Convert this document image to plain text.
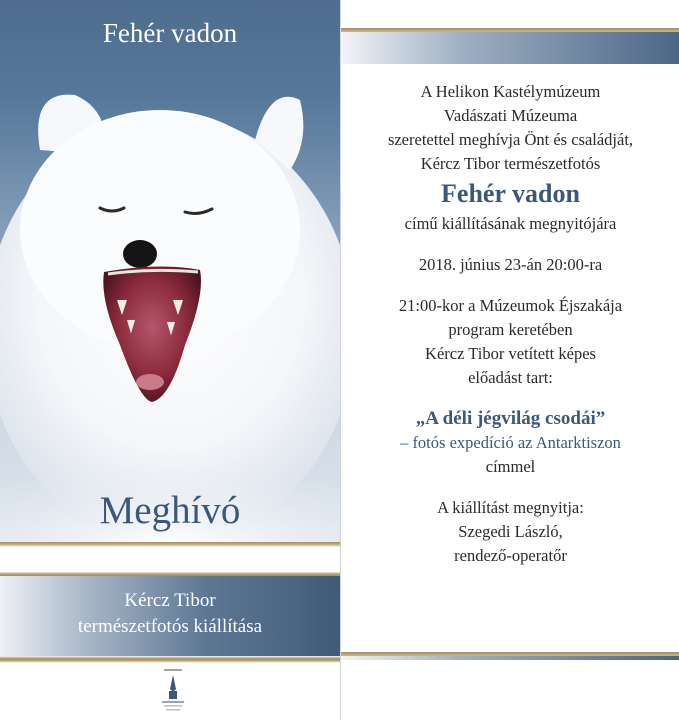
Fehér vadon
Meghívó
Kércz Tibor
természetfotós kiállítása
A Helikon Kastélymúzeum
Vadászati Múzeuma
szeretettel meghívja Önt és családját,
Kércz Tibor természetfotós
Fehér vadon
című kiállításának megnyitójára
2018. június 23-án 20:00-ra
21:00-kor a Múzeumok Éjszakája
program keretében
Kércz Tibor vetített képes
előadást tart:
„A déli jégvilág csodái”
– fotós expedíció az Antarktiszon
címmel
A kiállítást megnyitja:
Szegedi László,
rendező-operatőr
